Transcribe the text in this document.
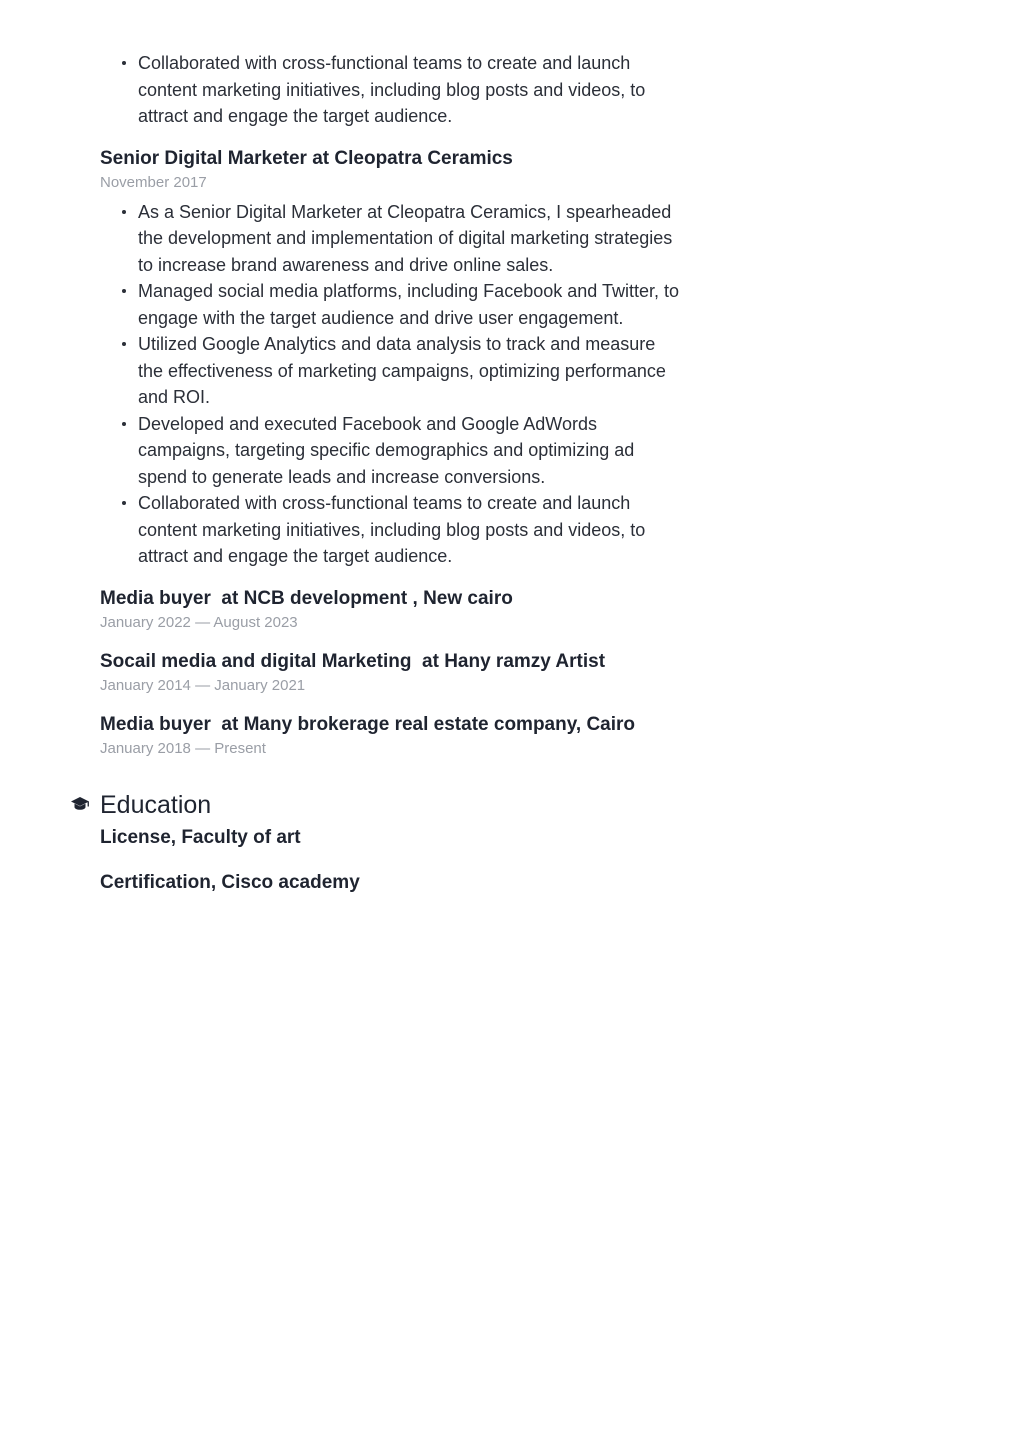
Collaborated with cross-functional teams to create and launch content marketing initiatives, including blog posts and videos, to attract and engage the target audience.
Senior Digital Marketer at Cleopatra Ceramics
November 2017
As a Senior Digital Marketer at Cleopatra Ceramics, I spearheaded the development and implementation of digital marketing strategies to increase brand awareness and drive online sales.
Managed social media platforms, including Facebook and Twitter, to engage with the target audience and drive user engagement.
Utilized Google Analytics and data analysis to track and measure the effectiveness of marketing campaigns, optimizing performance and ROI.
Developed and executed Facebook and Google AdWords campaigns, targeting specific demographics and optimizing ad spend to generate leads and increase conversions.
Collaborated with cross-functional teams to create and launch content marketing initiatives, including blog posts and videos, to attract and engage the target audience.
Media buyer  at NCB development , New cairo
January 2022 — August 2023
Socail media and digital Marketing  at Hany ramzy Artist
January 2014 — January 2021
Media buyer  at Many brokerage real estate company, Cairo
January 2018 — Present
Education
License, Faculty of art
Certification, Cisco academy
